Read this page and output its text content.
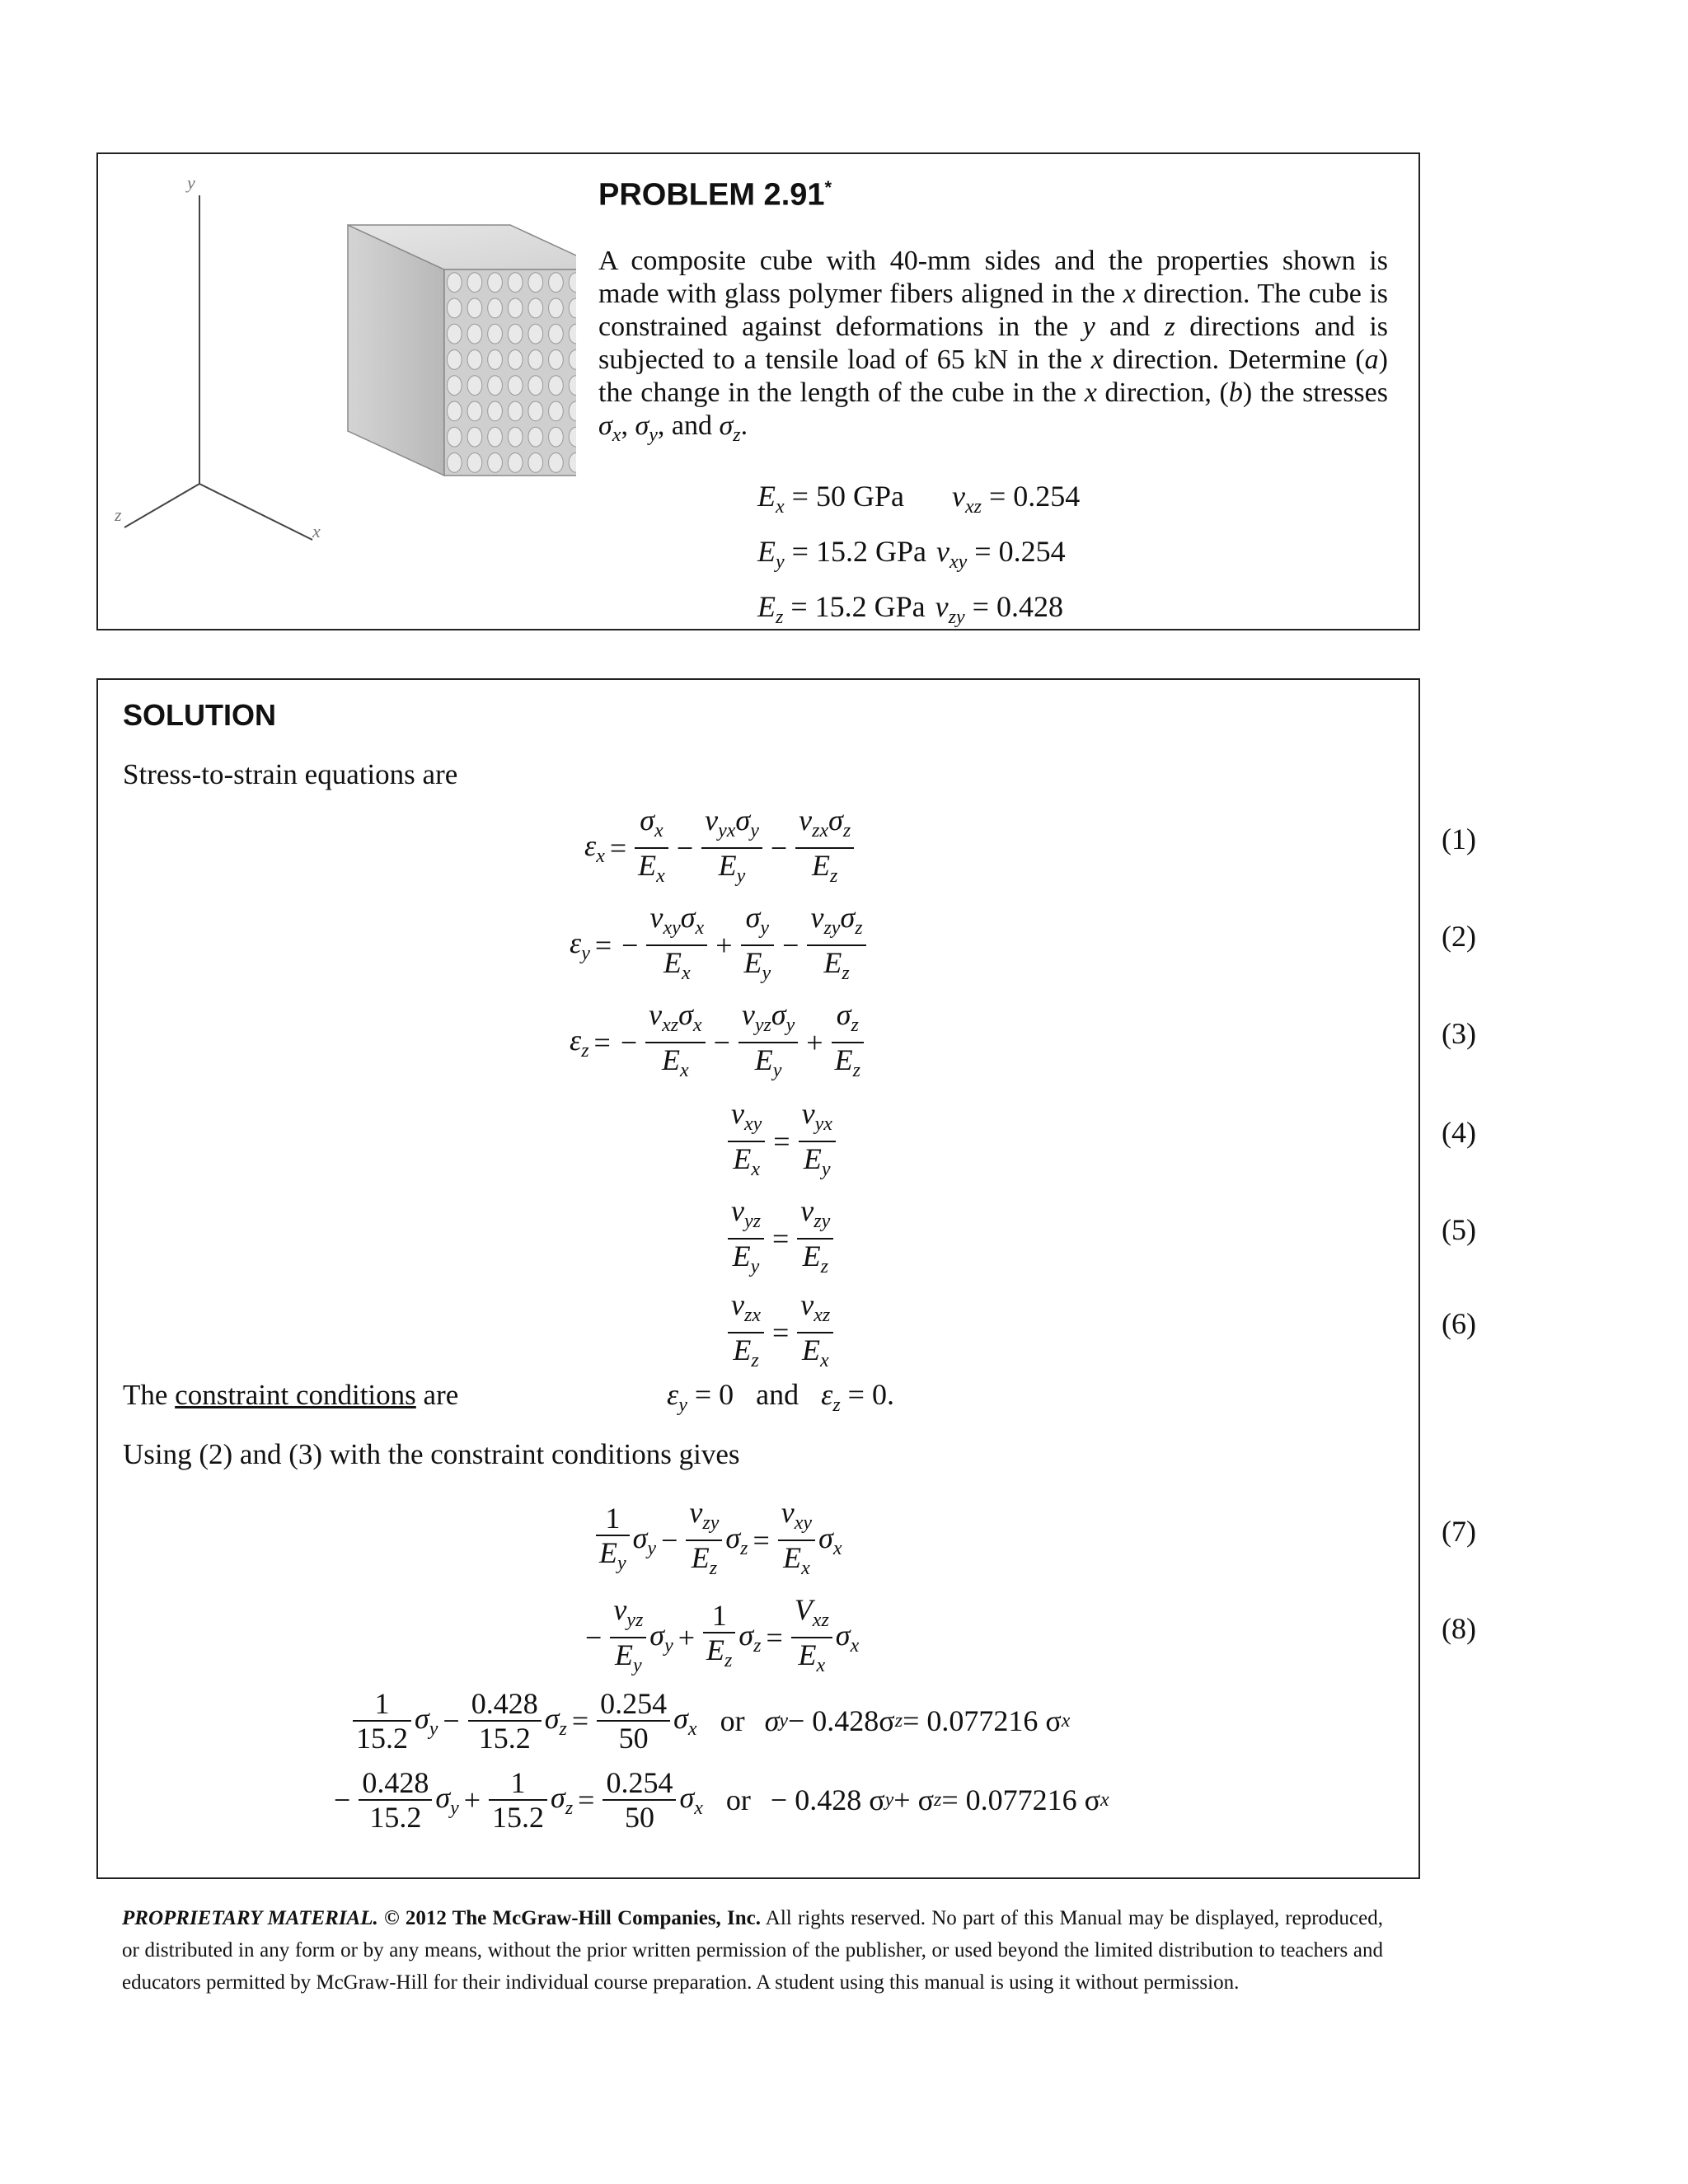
y
z
x
PROBLEM 2.91*
A composite cube with 40-mm sides and the properties shown is made with glass polymer fibers aligned in the x direction. The cube is constrained against deformations in the y and z directions and is subjected to a tensile load of 65 kN in the x direction. Determine (a) the change in the length of the cube in the x direction, (b) the stresses $\sigma_x$, $\sigma_y$, and $\sigma_z$.
$E_x = 50$ GPa $\nu_{xz} = 0.254$
$E_y = 15.2$ GPa $\nu_{xy} = 0.254$
$E_z = 15.2$ GPa $\nu_{zy} = 0.428$
SOLUTION
Stress-to-strain equations are
$\varepsilon_x = \frac{\sigma_x}{E_x} - \frac{\nu_{yx}\sigma_y}{E_y} - \frac{\nu_{zx}\sigma_z}{E_z}$	(1)
$\varepsilon_y$ = − $\frac{\nu_{xy}\sigma_x}{E_x} + \frac{\sigma_y}{E_y} - \frac{\nu_{zy}\sigma_z}{E_z}$	(2)
$\varepsilon_z$ = − $\frac{\nu_{xz}\sigma_x}{E_x} - \frac{\nu_{yz}\sigma_y}{E_y} + \frac{\sigma_z}{E_z}$	(3)
$\frac{\nu_{xy}}{E_x} = \frac{\nu_{yx}}{E_y}$	(4)
$\frac{\nu_{yz}}{E_y} = \frac{\nu_{zy}}{E_z}$	(5)
$\frac{\nu_{zx}}{E_z} = \frac{\nu_{xz}}{E_x}$	(6)
The constraint conditions are	$\varepsilon_y = 0$   and $\varepsilon_z = 0$.
Using (2) and (3) with the constraint conditions gives
$\frac{1}{E_y} \sigma_y - \frac{\nu_{zy}}{E_z} \sigma_z = \frac{\nu_{xy}}{E_x} \sigma_x$
(7)
− $\frac{\nu_{yz}}{E_y} \sigma_y + \frac{1}{E_z} \sigma_z = \frac{V_{xz}}{E_x} \sigma_x$
(8)
$\frac{1}{15.2} \sigma_y - \frac{0.428}{15.2} \sigma_z = \frac{0.254}{50} \sigma_x$ or σ y − 0.428σ z = 0.077216 σ x
− $\frac{0.428}{15.2} \sigma_y + \frac{1}{15.2} \sigma_z = \frac{0.254}{50} \sigma_x$ or − 0.428 σ y + σ z = 0.077216 σ x
PROPRIETARY MATERIAL. © 2012 The McGraw-Hill Companies, Inc. All rights reserved. No part of this Manual may be displayed, reproduced, or distributed in any form or by any means, without the prior written permission of the publisher, or used beyond the limited distribution to teachers and educators permitted by McGraw-Hill for their individual course preparation. A student using this manual is using it without permission.
